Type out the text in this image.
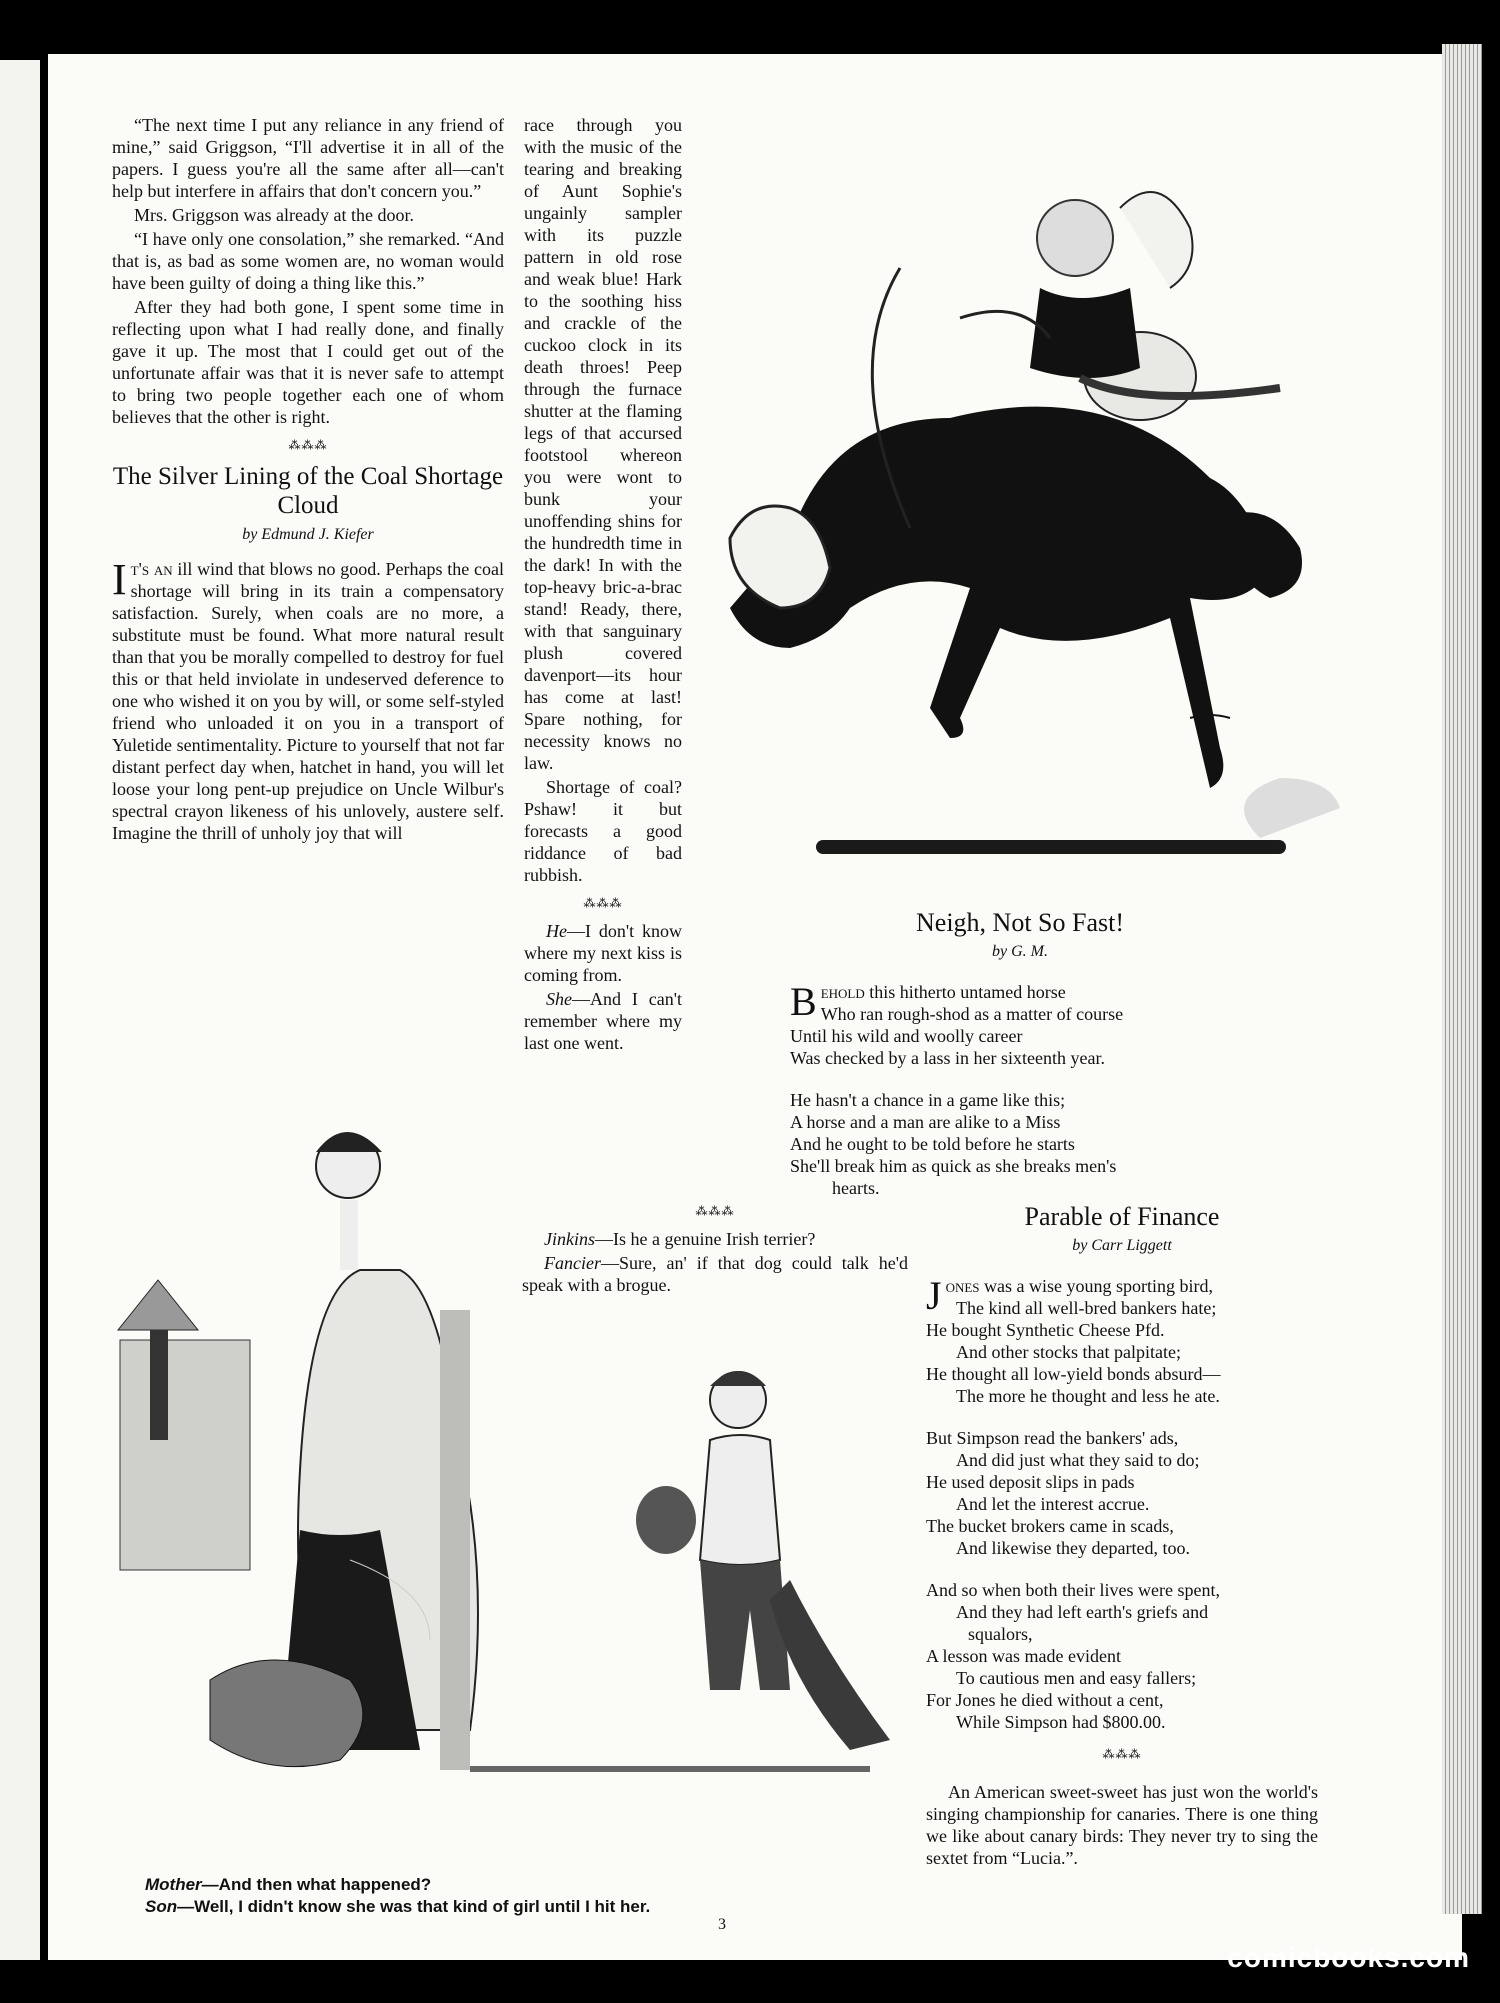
“The next time I put any reliance in any friend of mine,” said Griggson, “I'll advertise it in all of the papers. I guess you're all the same after all—can't help but interfere in affairs that don't concern you.”

Mrs. Griggson was already at the door.

“I have only one consolation,” she remarked. “And that is, as bad as some women are, no woman would have been guilty of doing a thing like this.”

After they had both gone, I spent some time in reflecting upon what I had really done, and finally gave it up. The most that I could get out of the unfortunate affair was that it is never safe to attempt to bring two people together each one of whom believes that the other is right.

⁂⁂⁂
The Silver Lining of the Coal Shortage Cloud
by Edmund J. Kiefer

It's an ill wind that blows no good. Perhaps the coal shortage will bring in its train a compensatory satisfaction. Surely, when coals are no more, a substitute must be found. What more natural result than that you be morally compelled to destroy for fuel this or that held inviolate in undeserved deference to one who wished it on you by will, or some self-styled friend who unloaded it on you in a transport of Yuletide sentimentality. Picture to yourself that not far distant perfect day when, hatchet in hand, you will let loose your long pent-up prejudice on Uncle Wilbur's spectral crayon likeness of his unlovely, austere self. Imagine the thrill of unholy joy that will

race through you with the music of the tearing and breaking of Aunt Sophie's ungainly sampler with its puzzle pattern in old rose and weak blue! Hark to the soothing hiss and crackle of the cuckoo clock in its death throes! Peep through the furnace shutter at the flaming legs of that accursed footstool whereon you were wont to bunk your unoffending shins for the hundredth time in the dark! In with the top-heavy bric-a-brac stand! Ready, there, with that sanguinary plush covered davenport—its hour has come at last! Spare nothing, for necessity knows no law.

Shortage of coal? Pshaw! it but forecasts a good riddance of bad rubbish.

⁂⁂⁂

He—I don't know where my next kiss is coming from.

She—And I can't remember where my last one went.

⁂⁂⁂

Jinkins—Is he a genuine Irish terrier?

Fancier—Sure, an' if that dog could talk he'd speak with a brogue.

Neigh, Not So Fast!
by G. M.
Behold this hitherto untamed horse
Who ran rough-shod as a matter of course
Until his wild and woolly career
Was checked by a lass in her sixteenth year.
He hasn't a chance in a game like this;
A horse and a man are alike to a Miss
And he ought to be told before he starts
She'll break him as quick as she breaks men's
hearts.
Parable of Finance
by Carr Liggett
Jones was a wise young sporting bird,
The kind all well-bred bankers hate;
He bought Synthetic Cheese Pfd.
And other stocks that palpitate;
He thought all low-yield bonds absurd—
The more he thought and less he ate.
But Simpson read the bankers' ads,
And did just what they said to do;
He used deposit slips in pads
And let the interest accrue.
The bucket brokers came in scads,
And likewise they departed, too.
And so when both their lives were spent,
And they had left earth's griefs and
squalors,
A lesson was made evident
To cautious men and easy fallers;
For Jones he died without a cent,
While Simpson had $800.00.
⁂⁂⁂

An American sweet-sweet has just won the world's singing championship for canaries. There is one thing we like about canary birds: They never try to sing the sextet from “Lucia.”.

Mother—And then what happened?
Son—Well, I didn't know she was that kind of girl until I hit her.
3
comicbooks.com
